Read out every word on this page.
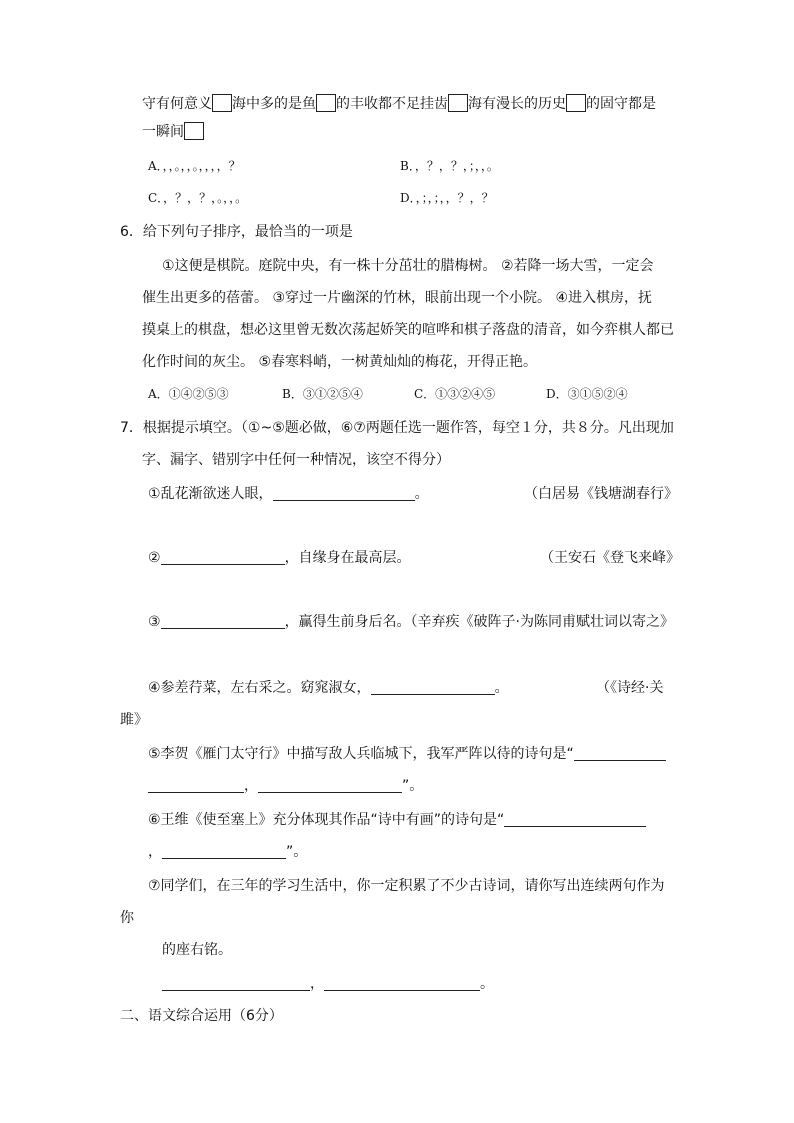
守有何意义 海中多的是鱼 的丰收都不足挂齿 海有漫长的历史 的固守都是
一瞬间
A．，，。，，。，，，，？	B．，？，？，；，，。
C．，？，？，。，，。	D．，；，；，，？，？
6．给下列句子排序，最恰当的一项是
①这便是棋院。庭院中央，有一株十分茁壮的腊梅树。 ②若降一场大雪，一定会
催生出更多的蓓蕾。 ③穿过一片幽深的竹林，眼前出现一个小院。 ④进入棋房，抚
摸桌上的棋盘，想必这里曾无数次荡起娇笑的喧哗和棋子落盘的清音，如今弈棋人都已
化作时间的灰尘。 ⑤春寒料峭，一树黄灿灿的梅花，开得正艳。
A．①④②⑤③	B．③①②⑤④	C．①③②④⑤	D．③①⑤②④
7．根据提示填空。（①~⑤题必做，⑥⑦两题任选一题作答，每空１分，共８分。凡出现加
字、漏字、错别字中任何一种情况，该空不得分）
①乱花渐欲迷人眼，	。	（白居易《钱塘湖春行》
②	，自缘身在最高层。	（王安石《登飞来峰》
③	，赢得生前身后名。（辛弃疾《破阵子·为陈同甫赋壮词以寄之》
④参差荇菜，左右采之。窈窕淑女，	。	（《诗经·关
雎》
⑤李贺《雁门太守行》中描写敌人兵临城下，我军严阵以待的诗句是“
，	”。
⑥王维《使至塞上》充分体现其作品“诗中有画”的诗句是“
，	”。
⑦同学们，在三年的学习生活中，你一定积累了不少古诗词，请你写出连续两句作为
你
的座右铭。
，	。
二、语文综合运用（6分）
